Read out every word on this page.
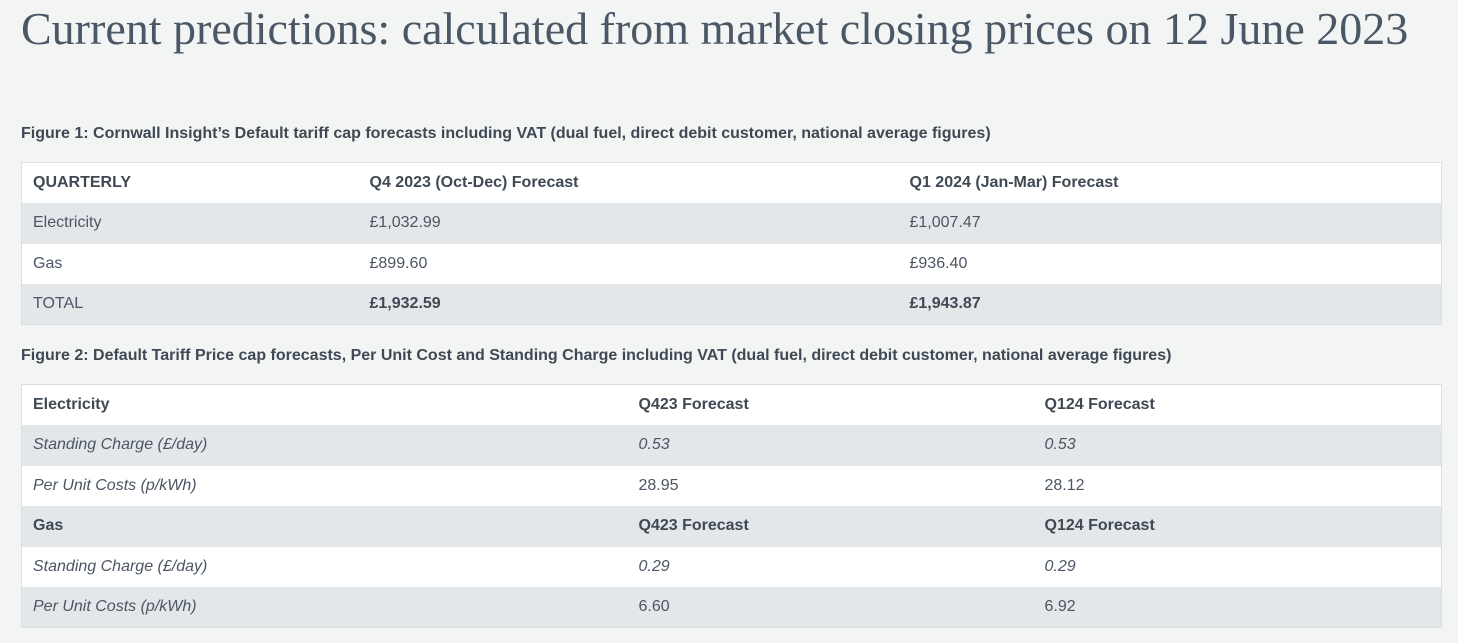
Current predictions: calculated from market closing prices on 12 June 2023

Figure 1: Cornwall Insight’s Default tariff cap forecasts including VAT (dual fuel, direct debit customer, national average figures)

QUARTERLY	Q4 2023 (Oct-Dec) Forecast	Q1 2024 (Jan-Mar) Forecast
Electricity	£1,032.99	£1,007.47
Gas	£899.60	£936.40
TOTAL	£1,932.59	£1,943.87

Figure 2: Default Tariff Price cap forecasts, Per Unit Cost and Standing Charge including VAT (dual fuel, direct debit customer, national average figures)

Electricity	Q423 Forecast	Q124 Forecast
Standing Charge (£/day)	0.53	0.53
Per Unit Costs (p/kWh)	28.95	28.12
Gas	Q423 Forecast	Q124 Forecast
Standing Charge (£/day)	0.29	0.29
Per Unit Costs (p/kWh)	6.60	6.92
